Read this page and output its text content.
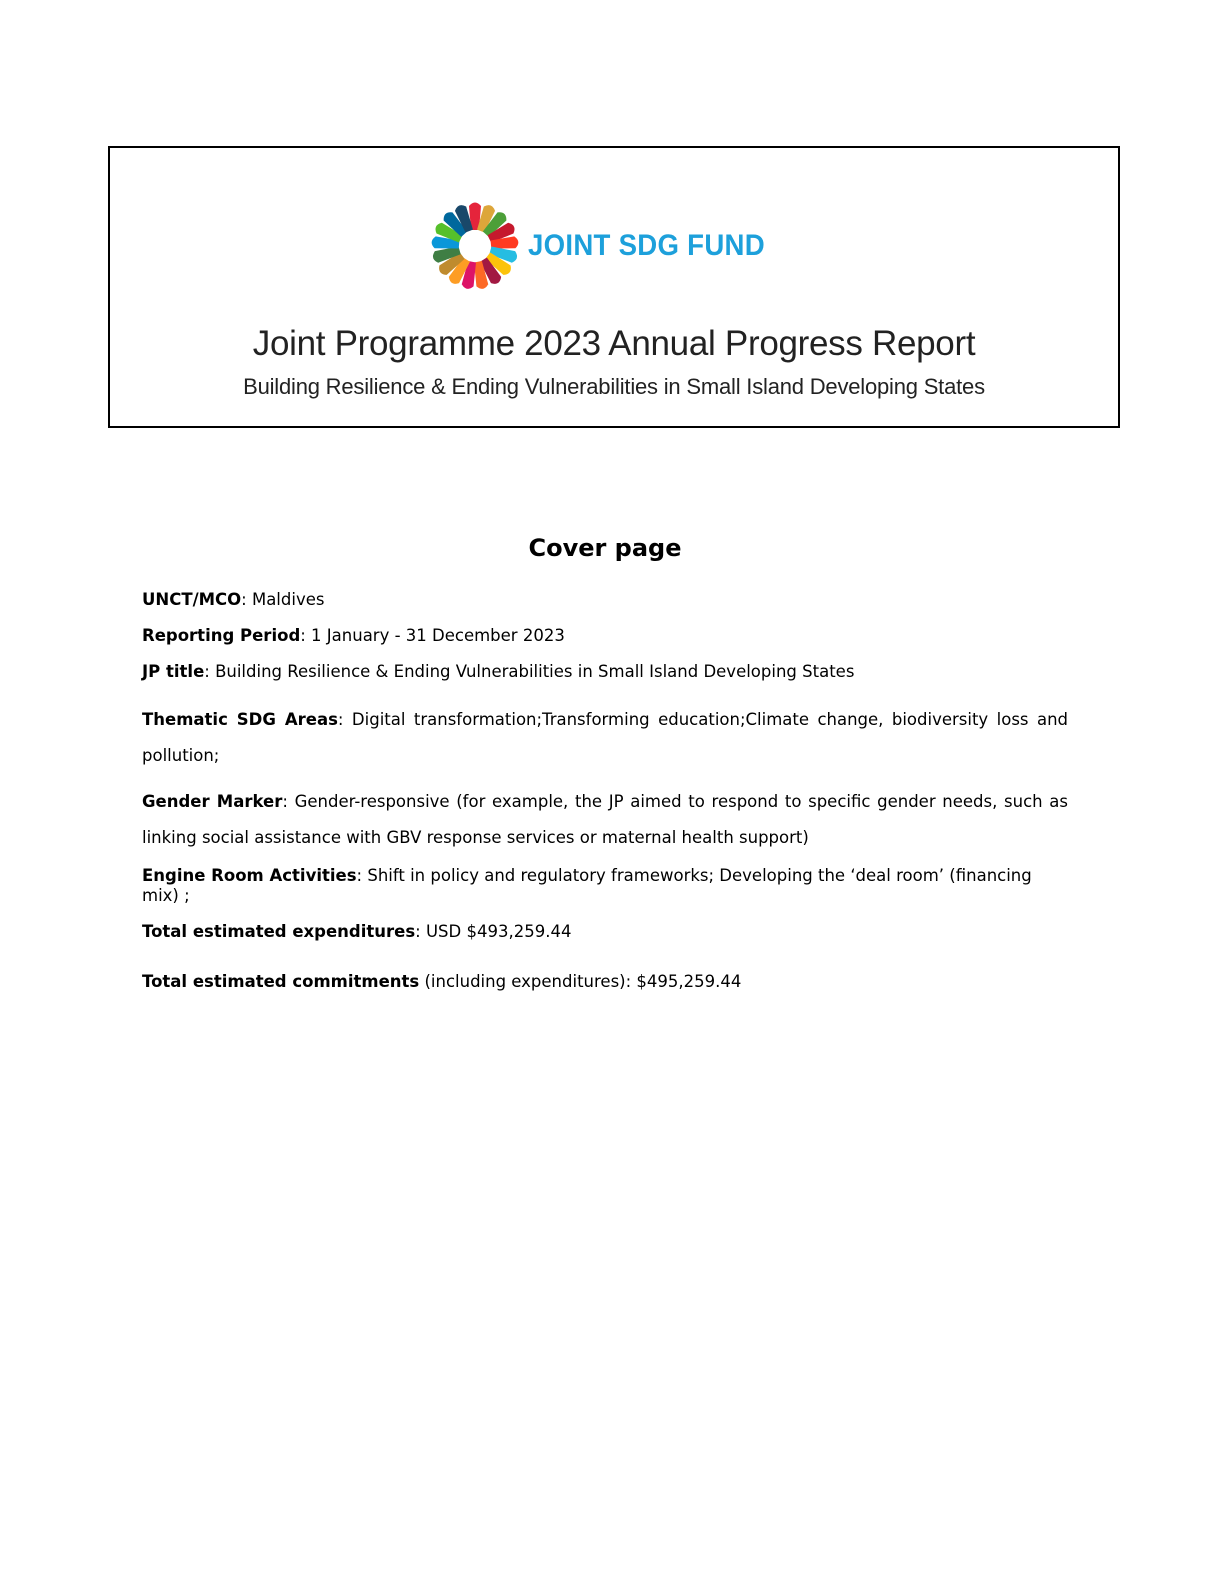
JOINT SDG FUND
Joint Programme 2023 Annual Progress Report
Building Resilience & Ending Vulnerabilities in Small Island Developing States
Cover page

UNCT/MCO: Maldives

Reporting Period: 1 January - 31 December 2023

JP title: Building Resilience & Ending Vulnerabilities in Small Island Developing States

Thematic SDG Areas: Digital transformation;Transforming education;Climate change, biodiversity loss and pollution;

Gender Marker: Gender-responsive (for example, the JP aimed to respond to specific gender needs, such as linking social assistance with GBV response services or maternal health support)

Engine Room Activities: Shift in policy and regulatory frameworks; Developing the ‘deal room’ (financing mix) ;

Total estimated expenditures: USD $493,259.44

Total estimated commitments (including expenditures): $495,259.44
